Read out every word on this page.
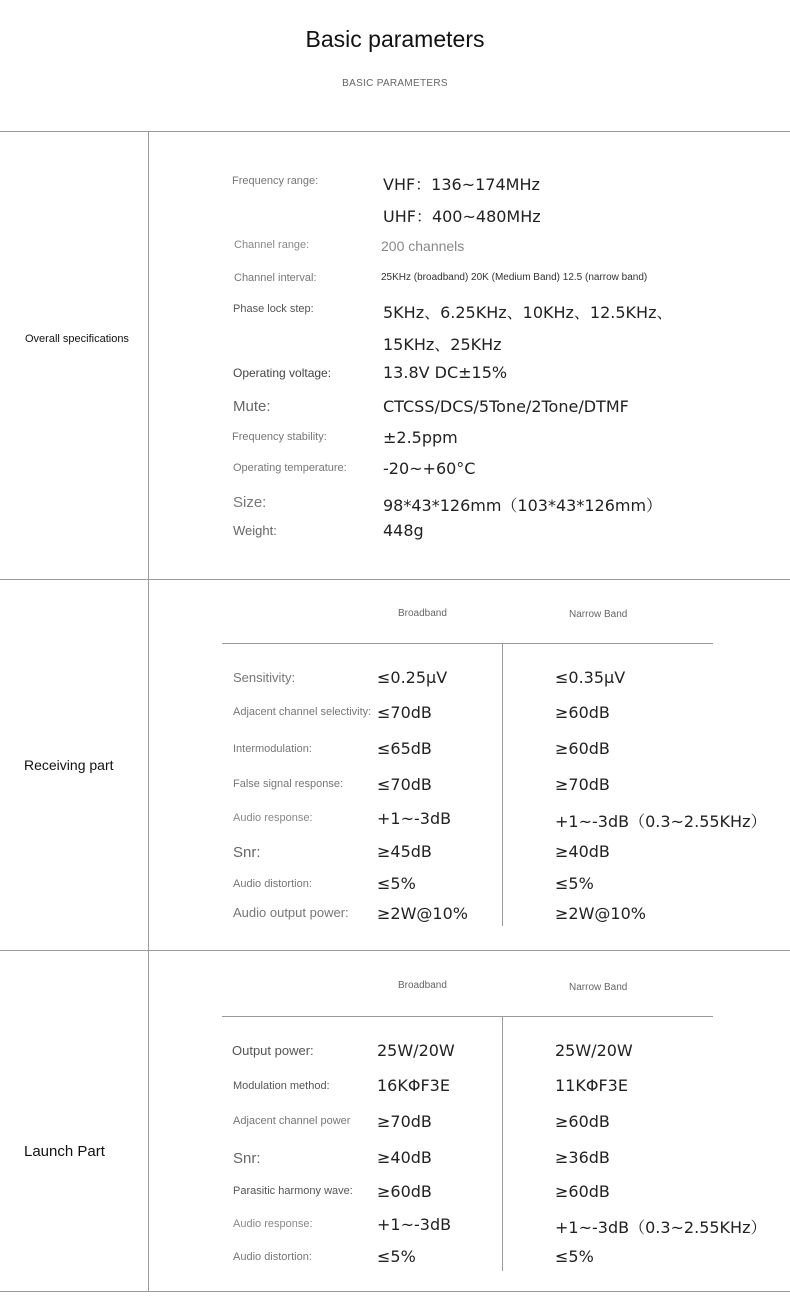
Basic parameters
BASIC PARAMETERS
Overall specifications
Frequency range:	VHF：136~174MHz
UHF：400~480MHz
Channel range:	200 channels
Channel interval:	25KHz (broadband) 20K (Medium Band) 12.5 (narrow band)
Phase lock step:	5KHz、6.25KHz、10KHz、12.5KHz、
15KHz、25KHz
Operating voltage:	13.8V DC±15%
Mute:	CTCSS/DCS/5Tone/2Tone/DTMF
Frequency stability:	±2.5ppm
Operating temperature: -20~+60°C
Size:	98*43*126mm（103*43*126mm）
Weight:	448g
Receiving part
Broadband	Narrow Band
Sensitivity:	≤0.25μV	≤0.35μV
Adjacent channel selectivity: ≤70dB	≥60dB
Intermodulation:	≤65dB	≥60dB
False signal response: ≤70dB	≥70dB
Audio response:	+1~-3dB	+1~-3dB（0.3~2.55KHz）
Snr:	≥45dB	≥40dB
Audio distortion:	≤5%	≤5%
Audio output power: ≥2W@10%	≥2W@10%
Launch Part
Broadband	Narrow Band
Output power:	25W/20W	25W/20W
Modulation method:	16KΦF3E	11KΦF3E
Adjacent channel power ≥70dB	≥60dB
Snr:	≥40dB	≥36dB
Parasitic harmony wave: ≥60dB	≥60dB
Audio response:	+1~-3dB	+1~-3dB（0.3~2.55KHz）
Audio distortion:	≤5%	≤5%
